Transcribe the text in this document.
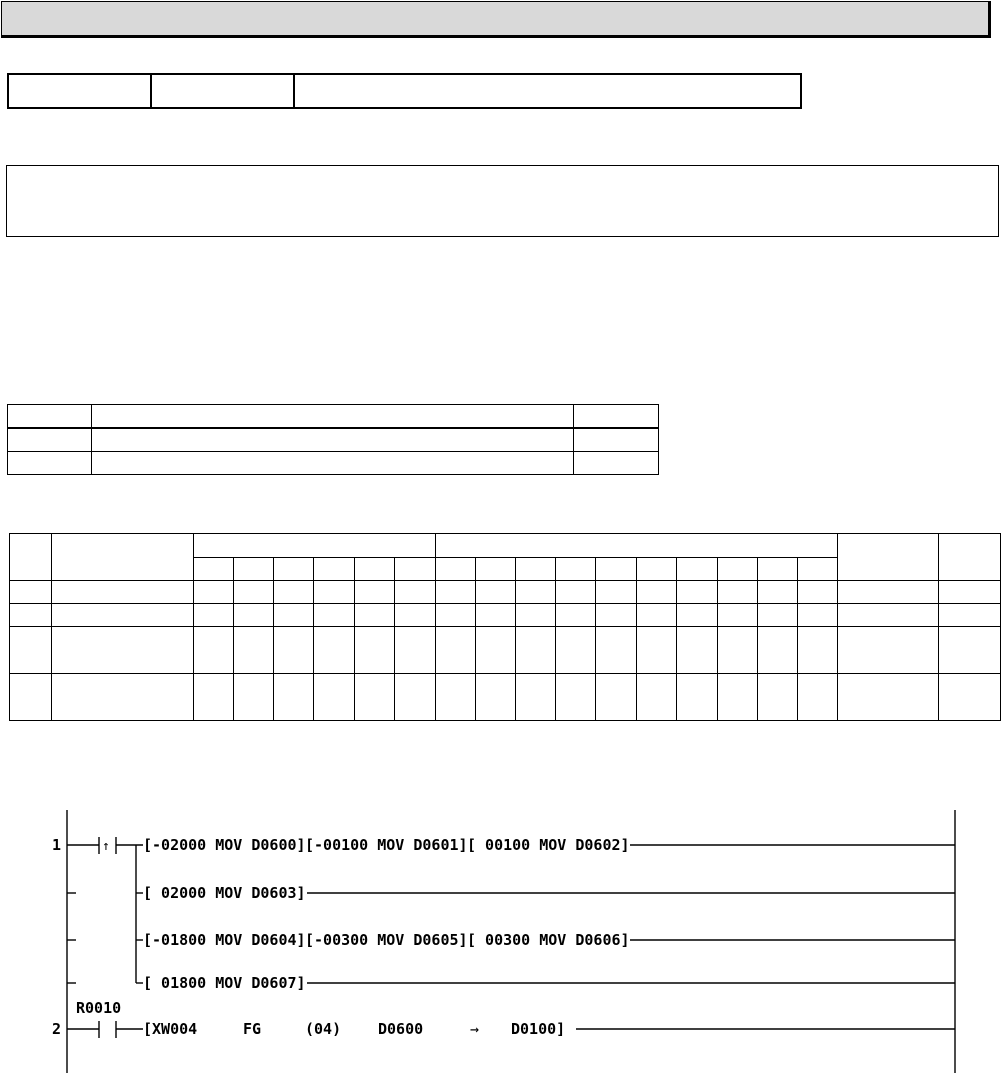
1	↑ [-02000 MOV D0600] [-00100 MOV D0601] [ 00100 MOV D0602]
[ 02000 MOV D0603]
[-01800 MOV D0604] [-00300 MOV D0605] [ 00300 MOV D0606]
[ 01800 MOV D0607]
R0010
2	[XW004	FG	(04) D0600	→ D0100]
